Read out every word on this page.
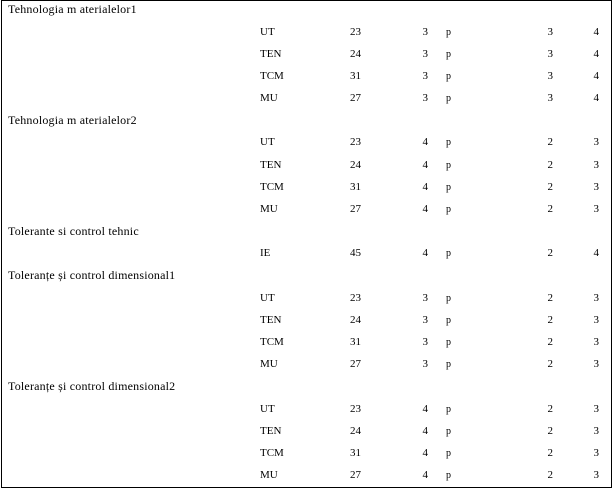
Tehnologia m aterialelor1
UT	23	3 p	3	4
TEN	24	3 p	3	4
TCM	31	3 p	3	4
MU	27	3 p	3	4
Tehnologia m aterialelor2
UT	23	4 p	2	3
TEN	24	4 p	2	3
TCM	31	4 p	2	3
MU	27	4 p	2	3
Tolerante si control tehnic
IE	45	4 p	2	4
Toleranțe și control dimensional1
UT	23	3 p	2	3
TEN	24	3 p	2	3
TCM	31	3 p	2	3
MU	27	3 p	2	3
Toleranțe și control dimensional2
UT	23	4 p	2	3
TEN	24	4 p	2	3
TCM	31	4 p	2	3
MU	27	4 p	2	3
